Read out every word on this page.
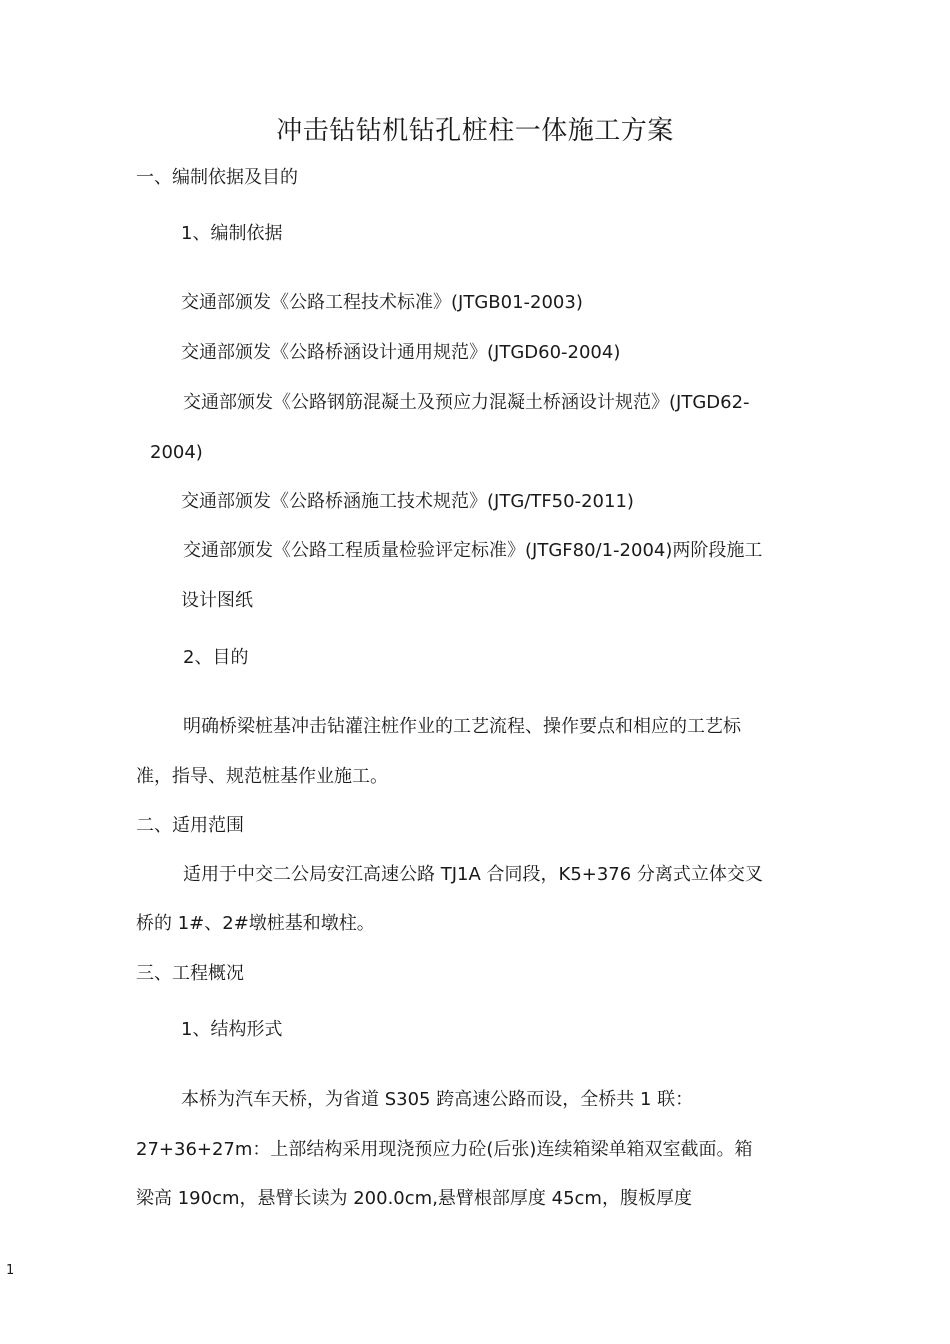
冲击钻钻机钻孔桩柱一体施工方案
一、编制依据及目的
1、编制依据
交通部颁发《公路工程技术标准》(JTGB01-2003)
交通部颁发《公路桥涵设计通用规范》(JTGD60-2004)
交通部颁发《公路钢筋混凝土及预应力混凝土桥涵设计规范》(JTGD62-
2004)
交通部颁发《公路桥涵施工技术规范》(JTG/TF50-2011)
交通部颁发《公路工程质量检验评定标准》(JTGF80/1-2004)两阶段施工
设计图纸
2、目的
明确桥梁桩基冲击钻灌注桩作业的工艺流程、操作要点和相应的工艺标
准，指导、规范桩基作业施工。
二、适用范围
适用于中交二公局安江高速公路 TJ1A 合同段，K5+376 分离式立体交叉
桥的 1#、2#墩桩基和墩柱。
三、工程概况
1、结构形式
本桥为汽车天桥，为省道 S305 跨高速公路而设，全桥共 1 联：
27+36+27m：上部结构采用现浇预应力砼(后张)连续箱梁单箱双室截面。箱
梁高 190cm，悬臂长读为 200.0cm,悬臂根部厚度 45cm，腹板厚度
1
